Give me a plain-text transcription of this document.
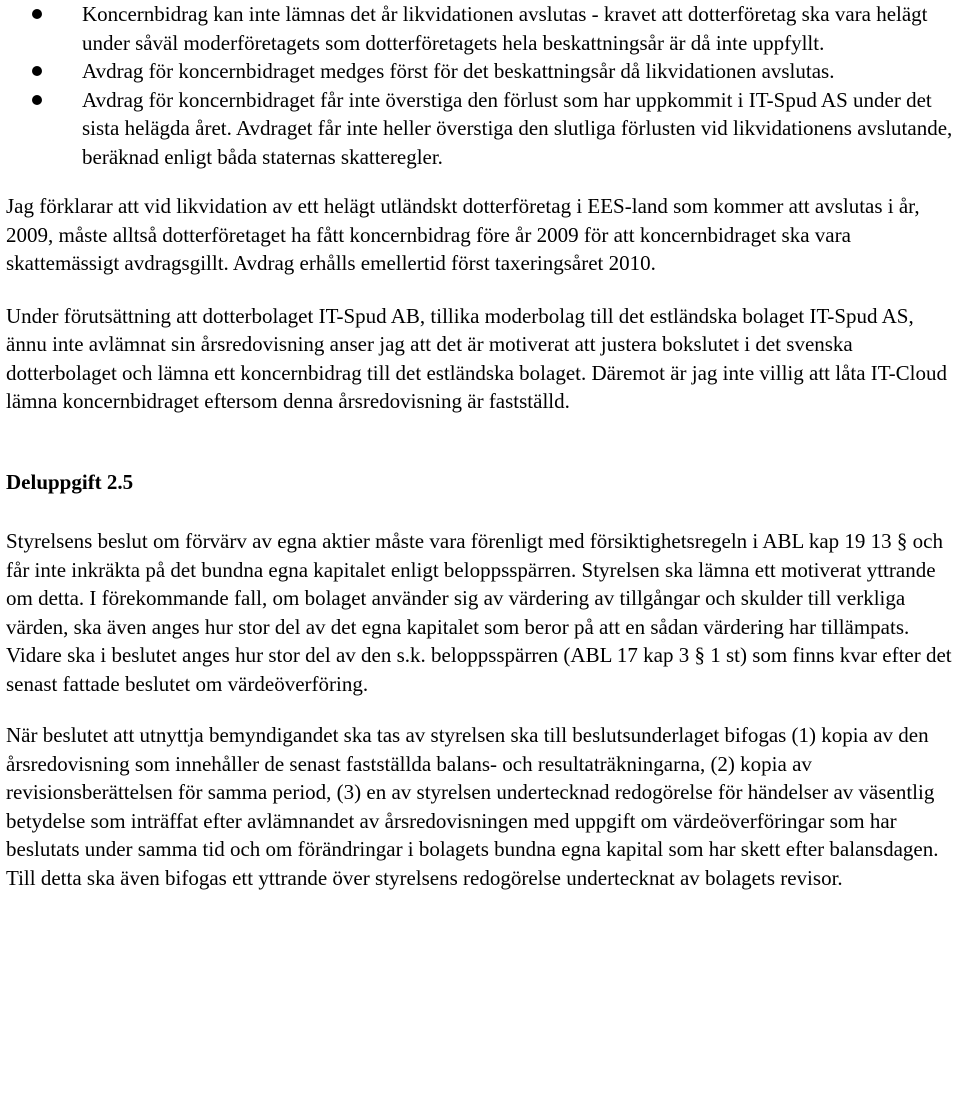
Koncernbidrag kan inte lämnas det år likvidationen avslutas - kravet att dotterföretag ska vara helägt under såväl moderföretagets som dotterföretagets hela beskattningsår är då inte uppfyllt.
Avdrag för koncernbidraget medges först för det beskattningsår då likvidationen avslutas.
Avdrag för koncernbidraget får inte överstiga den förlust som har uppkommit i IT-Spud AS under det sista helägda året. Avdraget får inte heller överstiga den slutliga förlusten vid likvidationens avslutande, beräknad enligt båda staternas skatteregler.

Jag förklarar att vid likvidation av ett helägt utländskt dotterföretag i EES-land som kommer att avslutas i år, 2009, måste alltså dotterföretaget ha fått koncernbidrag före år 2009 för att koncernbidraget ska vara skattemässigt avdragsgillt. Avdrag erhålls emellertid först taxeringsåret 2010.

Under förutsättning att dotterbolaget IT-Spud AB, tillika moderbolag till det estländska bolaget IT-Spud AS, ännu inte avlämnat sin årsredovisning anser jag att det är motiverat att justera bokslutet i det svenska dotterbolaget och lämna ett koncernbidrag till det estländska bolaget. Däremot är jag inte villig att låta IT-Cloud lämna koncernbidraget eftersom denna årsredovisning är fastställd.

Deluppgift 2.5

Styrelsens beslut om förvärv av egna aktier måste vara förenligt med försiktighetsregeln i ABL kap 19 13 § och får inte inkräkta på det bundna egna kapitalet enligt beloppsspärren. Styrelsen ska lämna ett motiverat yttrande om detta. I förekommande fall, om bolaget använder sig av värdering av tillgångar och skulder till verkliga värden, ska även anges hur stor del av det egna kapitalet som beror på att en sådan värdering har tillämpats. Vidare ska i beslutet anges hur stor del av den s.k. beloppsspärren (ABL 17 kap 3 § 1 st) som finns kvar efter det senast fattade beslutet om värdeöverföring.

När beslutet att utnyttja bemyndigandet ska tas av styrelsen ska till beslutsunderlaget bifogas (1) kopia av den årsredovisning som innehåller de senast fastställda balans- och resultaträkningarna, (2) kopia av revisionsberättelsen för samma period, (3) en av styrelsen undertecknad redogörelse för händelser av väsentlig betydelse som inträffat efter avlämnandet av årsredovisningen med uppgift om värdeöverföringar som har beslutats under samma tid och om förändringar i bolagets bundna egna kapital som har skett efter balansdagen. Till detta ska även bifogas ett yttrande över styrelsens redogörelse undertecknat av bolagets revisor.
